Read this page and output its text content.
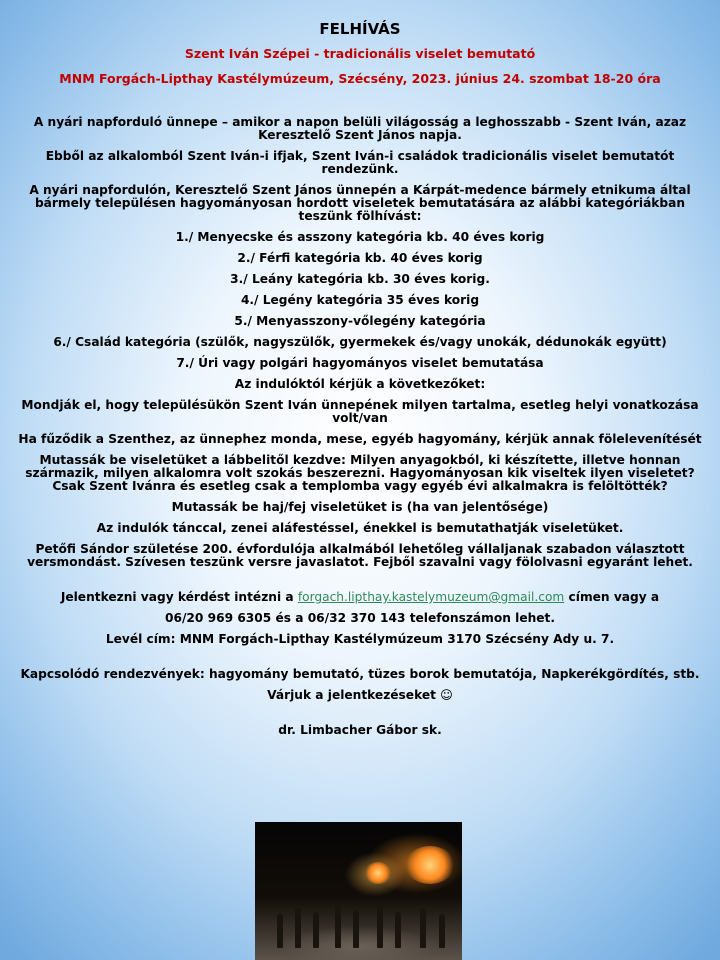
FELHÍVÁS
Szent Iván Szépei - tradicionális viselet bemutató
MNM Forgách-Lipthay Kastélymúzeum, Szécsény, 2023. június 24. szombat 18-20 óra

A nyári napforduló ünnepe – amikor a napon belüli világosság a leghosszabb - Szent Iván, azaz Keresztelő Szent János napja.

Ebből az alkalomból Szent Iván-i ifjak, Szent Iván-i családok tradicionális viselet bemutatót rendezünk.

A nyári napfordulón, Keresztelő Szent János ünnepén a Kárpát-medence bármely etnikuma által bármely településen hagyományosan hordott viseletek bemutatására az alábbi kategóriákban teszünk fölhívást:

1./ Menyecske és asszony kategória kb. 40 éves korig

2./ Férfi kategória kb. 40 éves korig

3./ Leány kategória kb. 30 éves korig.

4./ Legény kategória 35 éves korig

5./ Menyasszony-vőlegény kategória

6./ Család kategória (szülők, nagyszülők, gyermekek és/vagy unokák, dédunokák együtt)

7./ Úri vagy polgári hagyományos viselet bemutatása

Az indulóktól kérjük a következőket:

Mondják el, hogy településükön Szent Iván ünnepének milyen tartalma, esetleg helyi vonatkozása volt/van

Ha fűződik a Szenthez, az ünnephez monda, mese, egyéb hagyomány, kérjük annak fölelevenítését

Mutassák be viseletüket a lábbelitől kezdve: Milyen anyagokból, ki készítette, illetve honnan származik, milyen alkalomra volt szokás beszerezni. Hagyományosan kik viseltek ilyen viseletet? Csak Szent Ivánra és esetleg csak a templomba vagy egyéb évi alkalmakra is felöltötték?

Mutassák be haj/fej viseletüket is (ha van jelentősége)

Az indulók tánccal, zenei aláfestéssel, énekkel is bemutathatják viseletüket.

Petőfi Sándor születése 200. évfordulója alkalmából lehetőleg vállaljanak szabadon választott versmondást. Szívesen teszünk versre javaslatot. Fejből szavalni vagy fölolvasni egyaránt lehet.

Jelentkezni vagy kérdést intézni a forgach.lipthay.kastelymuzeum@gmail.com címen vagy a

06/20 969 6305 és a 06/32 370 143 telefonszámon lehet.

Levél cím: MNM Forgách-Lipthay Kastélymúzeum 3170 Szécsény Ady u. 7.

Kapcsolódó rendezvények: hagyomány bemutató, tüzes borok bemutatója, Napkerékgördítés, stb.

Várjuk a jelentkezéseket ☺

dr. Limbacher Gábor sk.
